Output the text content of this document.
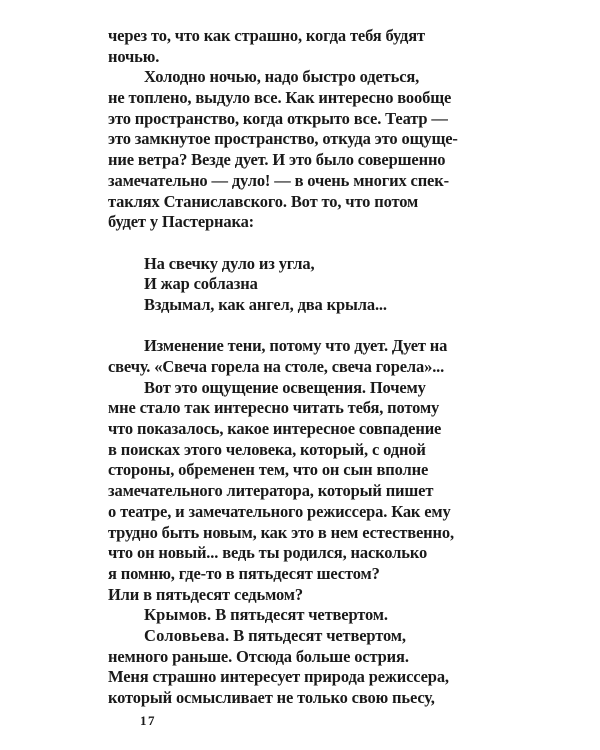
через то, что как страшно, когда тебя будят
ночью.
Холодно ночью, надо быстро одеться,
не топлено, выдуло все. Как интересно вообще
это пространство, когда открыто все. Театр —
это замкнутое пространство, откуда это ощуще-
ние ветра? Везде дует. И это было совершенно
замечательно — дуло! — в очень многих спек-
таклях Станиславского. Вот то, что потом
будет у Пастернака:
На свечку дуло из угла,
И жар соблазна
Вздымал, как ангел, два крыла...
Изменение тени, потому что дует. Дует на
свечу. «Свеча горела на столе, свеча горела»...
Вот это ощущение освещения. Почему
мне стало так интересно читать тебя, потому
что показалось, какое интересное совпадение
в поисках этого человека, который, с одной
стороны, обременен тем, что он сын вполне
замечательного литератора, который пишет
о театре, и замечательного режиссера. Как ему
трудно быть новым, как это в нем естественно,
что он новый... ведь ты родился, насколько
я помню, где-то в пятьдесят шестом?
Или в пятьдесят седьмом?
Крымов. В пятьдесят четвертом.
Соловьева. В пятьдесят четвертом,
немного раньше. Отсюда больше острия.
Меня страшно интересует природа режиссера,
который осмысливает не только свою пьесу,
17
